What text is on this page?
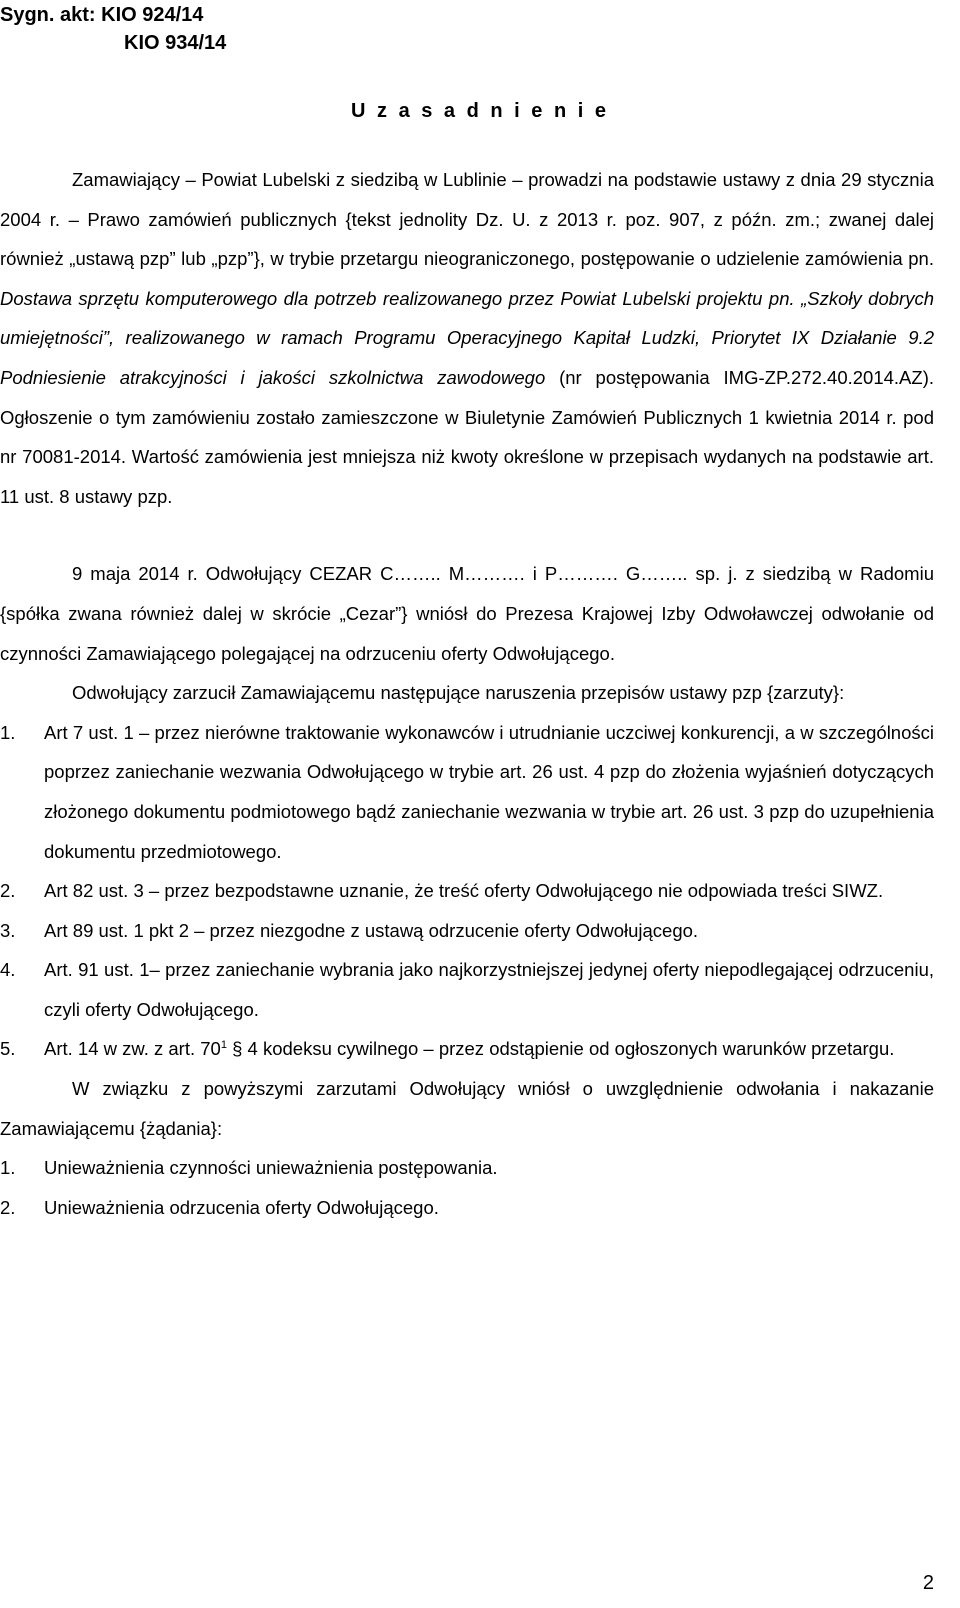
Sygn. akt: KIO 924/14
KIO 934/14
U z a s a d n i e n i e

Zamawiający – Powiat Lubelski z siedzibą w Lublinie – prowadzi na podstawie ustawy z dnia 29 stycznia 2004 r. – Prawo zamówień publicznych {tekst jednolity Dz. U. z 2013 r. poz. 907, z późn. zm.; zwanej dalej również „ustawą pzp” lub „pzp”}, w trybie przetargu nieograniczonego, postępowanie o udzielenie zamówienia pn. Dostawa sprzętu komputerowego dla potrzeb realizowanego przez Powiat Lubelski projektu pn. „Szkoły dobrych umiejętności”, realizowanego w ramach Programu Operacyjnego Kapitał Ludzki, Priorytet IX Działanie 9.2 Podniesienie atrakcyjności i jakości szkolnictwa zawodowego (nr postępowania IMG-ZP.272.40.2014.AZ). Ogłoszenie o tym zamówieniu zostało zamieszczone w Biuletynie Zamówień Publicznych 1 kwietnia 2014 r. pod nr 70081-2014. Wartość zamówienia jest mniejsza niż kwoty określone w przepisach wydanych na podstawie art. 11 ust. 8 ustawy pzp.

9 maja 2014 r. Odwołujący CEZAR C…….. M………. i P………. G…….. sp. j. z siedzibą w Radomiu {spółka zwana również dalej w skrócie „Cezar”} wniósł do Prezesa Krajowej Izby Odwoławczej odwołanie od czynności Zamawiającego polegającej na odrzuceniu oferty Odwołującego.

Odwołujący zarzucił Zamawiającemu następujące naruszenia przepisów ustawy pzp {zarzuty}:

1.	Art 7 ust. 1 – przez nierówne traktowanie wykonawców i utrudnianie uczciwej konkurencji, a w szczególności poprzez zaniechanie wezwania Odwołującego w trybie art. 26 ust. 4 pzp do złożenia wyjaśnień dotyczących złożonego dokumentu podmiotowego bądź zaniechanie wezwania w trybie art. 26 ust. 3 pzp do uzupełnienia dokumentu przedmiotowego.
2.	Art 82 ust. 3 – przez bezpodstawne uznanie, że treść oferty Odwołującego nie odpowiada treści SIWZ.
3.	Art 89 ust. 1 pkt 2 – przez niezgodne z ustawą odrzucenie oferty Odwołującego.
4.	Art. 91 ust. 1– przez zaniechanie wybrania jako najkorzystniejszej jedynej oferty niepodlegającej odrzuceniu, czyli oferty Odwołującego.
5.	Art. 14 w zw. z art. $70^1$ § 4 kodeksu cywilnego – przez odstąpienie od ogłoszonych warunków przetargu.

W związku z powyższymi zarzutami Odwołujący wniósł o uwzględnienie odwołania i nakazanie Zamawiającemu {żądania}:

1.	Unieważnienia czynności unieważnienia postępowania.
2.	Unieważnienia odrzucenia oferty Odwołującego.
2
